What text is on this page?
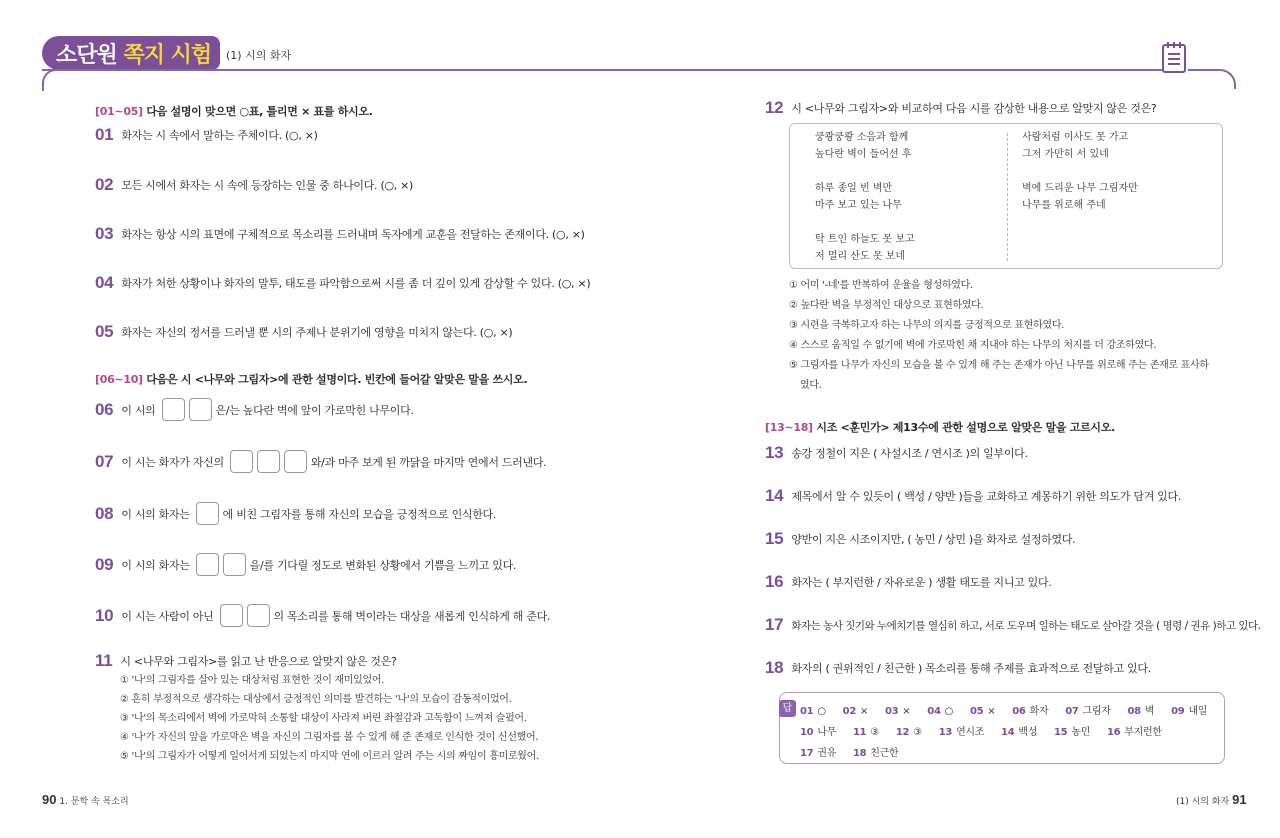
소단원 쪽지 시험 (1) 시의 화자
[01~05] 다음 설명이 맞으면 ○표, 틀리면 × 표를 하시오.
01 화자는 시 속에서 말하는 주체이다. (○, ×)
02 모든 시에서 화자는 시 속에 등장하는 인물 중 하나이다. (○, ×)
03 화자는 항상 시의 표면에 구체적으로 목소리를 드러내며 독자에게 교훈을 전달하는 존재이다. (○, ×)
04 화자가 처한 상황이나 화자의 말투, 태도를 파악함으로써 시를 좀 더 깊이 있게 감상할 수 있다. (○, ×)
05 화자는 자신의 정서를 드러낼 뿐 시의 주제나 분위기에 영향을 미치지 않는다. (○, ×)
[06~10] 다음은 시 <나무와 그림자>에 관한 설명이다. 빈칸에 들어갈 알맞은 말을 쓰시오.
06 이 시의	은/는 높다란 벽에 앞이 가로막힌 나무이다.
07 이 시는 화자가 자신의	와/과 마주 보게 된 까닭을 마지막 연에서 드러낸다.
08 이 시의 화자는	에 비친 그림자를 통해 자신의 모습을 긍정적으로 인식한다.
09 이 시의 화자는	을/를 기다릴 정도로 변화된 상황에서 기쁨을 느끼고 있다.
10 이 시는 사람이 아닌	의 목소리를 통해 벽이라는 대상을 새롭게 인식하게 해 준다.
11 시 <나무와 그림자>를 읽고 난 반응으로 알맞지 않은 것은?
① '나'의 그림자를 살아 있는 대상처럼 표현한 것이 재미있었어.
② 흔히 부정적으로 생각하는 대상에서 긍정적인 의미를 발견하는 '나'의 모습이 감동적이었어.
③ '나'의 목소리에서 벽에 가로막혀 소통할 대상이 사라져 버린 좌절감과 고독함이 느껴져 슬펐어.
④ '나'가 자신의 앞을 가로막은 벽을 자신의 그림자를 볼 수 있게 해 준 존재로 인식한 것이 신선했어.
⑤ '나'의 그림자가 어떻게 일어서게 되었는지 마지막 연에 이르러 알려 주는 시의 짜임이 흥미로웠어.
12 시 <나무와 그림자>와 비교하여 다음 시를 감상한 내용으로 알맞지 않은 것은?
쿵쾅쿵쾅 소음과 함께
높다란 벽이 들어선 후
하루 종일 빈 벽만
마주 보고 있는 나무
탁 트인 하늘도 못 보고
저 멀리 산도 못 보네
사람처럼 이사도 못 가고
그저 가만히 서 있네
벽에 드리운 나무 그림자만
나무를 위로해 주네
① 어미 '-네'를 반복하여 운율을 형성하였다.
② 높다란 벽을 부정적인 대상으로 표현하였다.
③ 시련을 극복하고자 하는 나무의 의지를 긍정적으로 표현하였다.
④ 스스로 움직일 수 없기에 벽에 가로막힌 채 지내야 하는 나무의 처지를 더 강조하였다.
⑤ 그림자를 나무가 자신의 모습을 볼 수 있게 해 주는 존재가 아닌 나무를 위로해 주는 존재로 표사하
였다.
[13~18] 시조 <훈민가> 제13수에 관한 설명으로 알맞은 말을 고르시오.
13 송강 정철이 지은 ( 사설시조 / 연시조 )의 일부이다.
14 제목에서 알 수 있듯이 ( 백성 / 양반 )들을 교화하고 계몽하기 위한 의도가 담겨 있다.
15 양반이 지은 시조이지만, ( 농민 / 상민 )을 화자로 설정하였다.
16 화자는 ( 부지런한 / 자유로운 ) 생활 태도를 지니고 있다.
17 화자는 농사 짓기와 누에치기를 열심히 하고, 서로 도우며 일하는 태도로 살아갈 것을 ( 명령 / 권유 )하고 있다.
18 화자의 ( 권위적인 / 친근한 ) 목소리를 통해 주제를 효과적으로 전달하고 있다.
답 01 ○ 02 × 03 × 04 ○ 05 × 06 화자 07 그림자 08 벽 09 내일
10 나무 11 ③ 12 ③ 13 연시조 14 백성 15 농민 16 부지런한
17 권유 18 친근한
90 1. 문학 속 목소리	(1) 시의 화자 91
